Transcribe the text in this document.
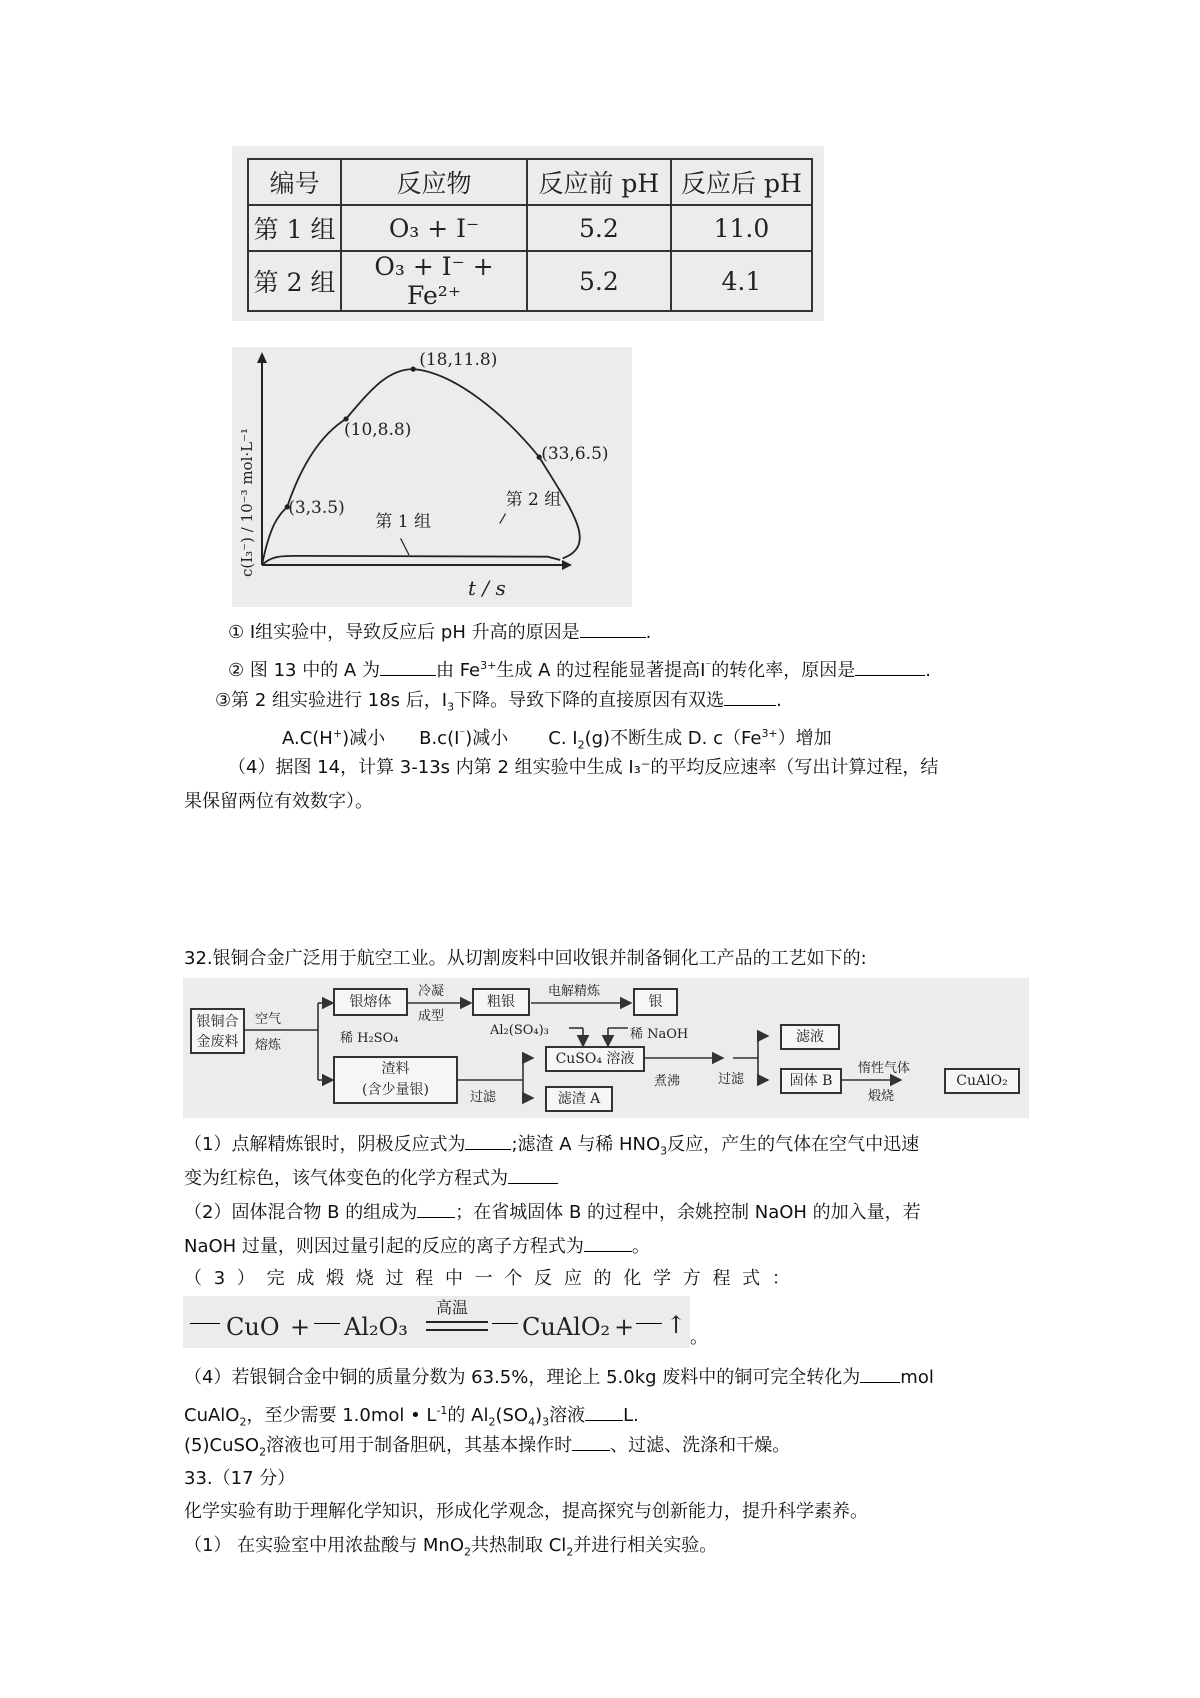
编号	反应物	反应前 pH	反应后 pH
第 1 组	O₃ + I⁻	5.2	11.0
第 2 组	O₃ + I⁻ + Fe²⁺	5.2	4.1
t / s
c(I₃⁻) / 10⁻³ mol·L⁻¹
(18,11.8)
(10,8.8)
(33,6.5)
(3,3.5)	第 2 组
第 1 组
① Ⅰ组实验中，导致反应后 pH 升高的原因是	.
② 图 13 中的 A 为	由 $Fe^{3+}$生成 A 的过程能显著提高Ⅰ⁻的转化率，原因是	.
③第 2 组实验进行 18s 后，$Ⅰ_3$下降。导致下降的直接原因有双选	.
A.C(H+)减小 B.c(Ⅰ⁻)减小 C. $Ⅰ_2(g)$不断生成 D. $c(Fe^{3+})$增加
（4）据图 14，计算 3-13s 内第 2 组实验中生成 I₃⁻的平均反应速率（写出计算过程，结
果保留两位有效数字）。
32.银铜合金广泛用于航空工业。从切割废料中回收银并制备铜化工产品的工艺如下的:
银铜合
金废料
空气
熔炼
银熔体
冷凝
成型
粗银
电解精炼
银
稀 H₂SO₄
渣料
(含少量银)	过滤
Al₂(SO₄)₃	稀 NaOH
CuSO₄ 溶液
滤渣 A
煮沸	过滤
滤液
固体 B
惰性气体
煅烧
CuAlO₂
（1）点解精炼银时，阴极反应式为	;滤渣 A 与稀 $HNO_3$反应，产生的气体在空气中迅速
变为红棕色，该气体变色的化学方程式为
（2）固体混合物 B 的组成为 ；在省城固体 B 的过程中，余姚控制 NaOH 的加入量，若
NaOH 过量，则因过量引起的反应的离子方程式为	。
（ 3 ） 完 成 煅 烧 过 程 中 一 个 反 应 的 化 学 方 程 式 ：
CuO + Al₂O₃
高温
CuAlO₂ + ↑ 。
（4）若银铜合金中铜的质量分数为 63.5%，理论上 5.0kg 废料中的铜可完全转化为 mol
CuAlO$_2$，至少需要 1.0mol • $L^{-1}$的 $Al_2(SO_4)_3$溶液 L.
(5)CuSO$_2$溶液也可用于制备胆矾，其基本操作时 、过滤、洗涤和干燥。
33.（17 分）
化学实验有助于理解化学知识，形成化学观念，提高探究与创新能力，提升科学素养。
（1） 在实验室中用浓盐酸与 MnO$_2$共热制取 $Cl_2$并进行相关实验。
